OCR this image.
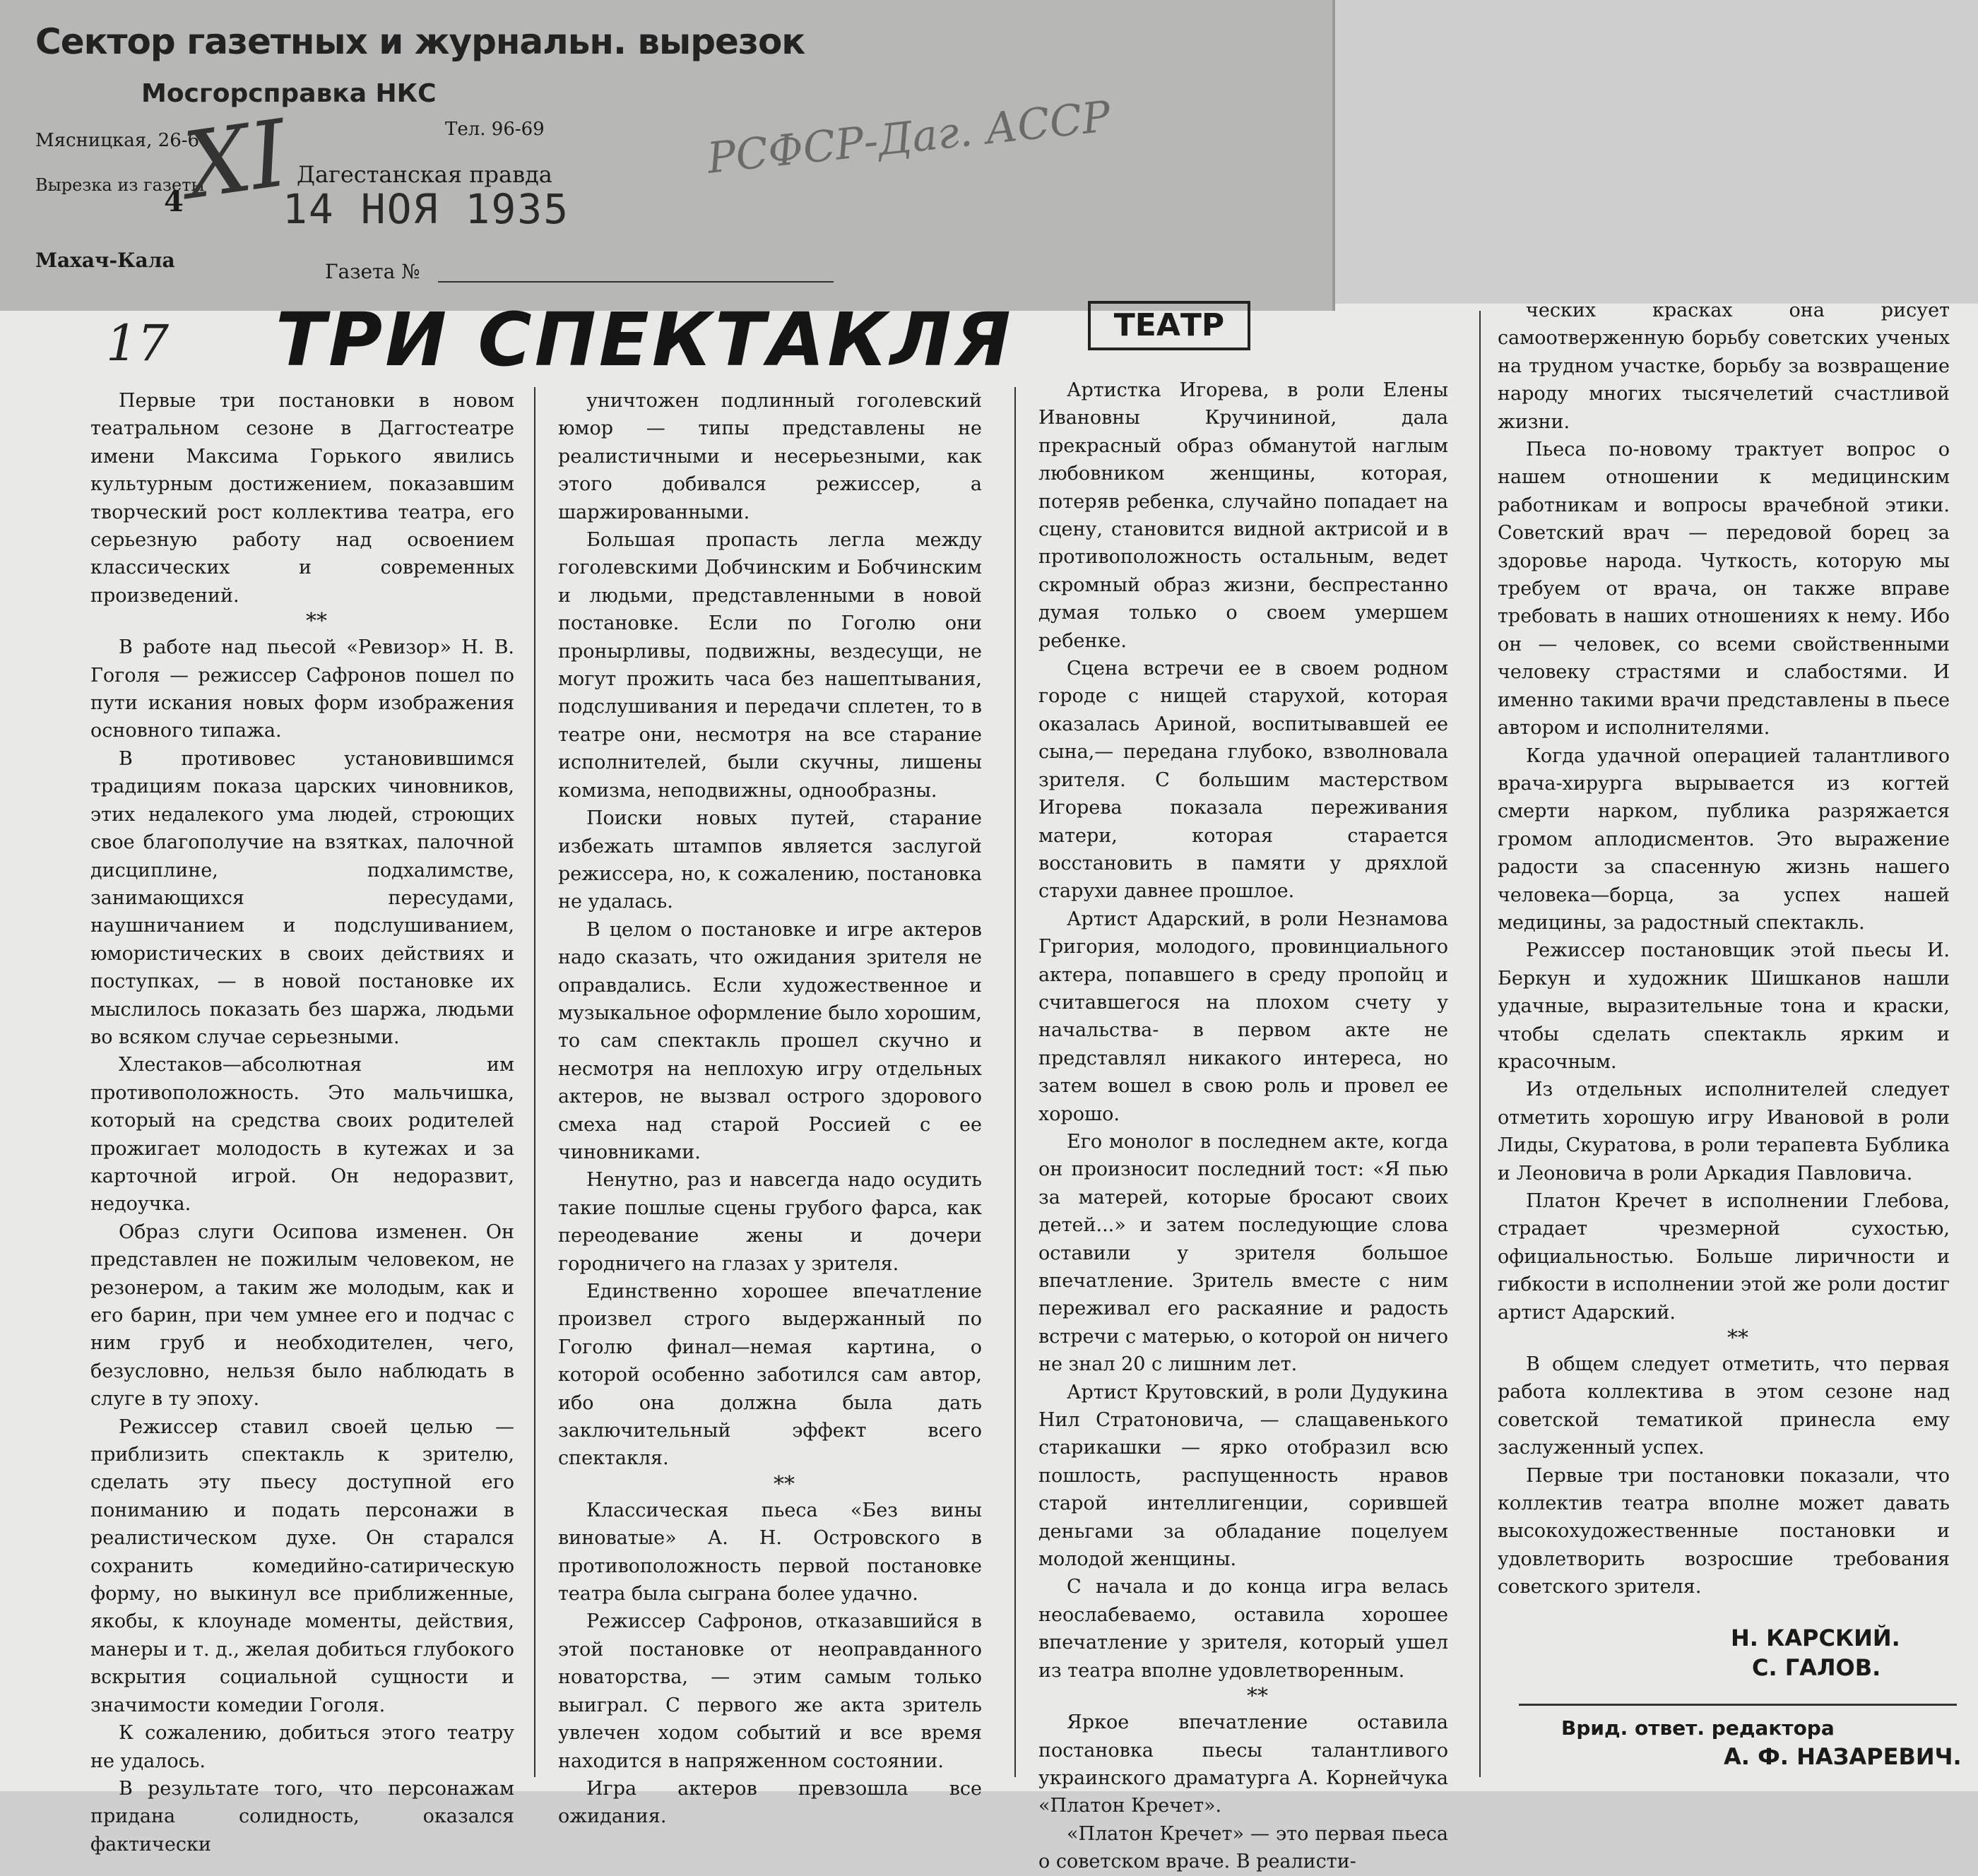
Сектор газетных и журнальн. вырезок
Мосгорсправка НКС
Мясницкая, 26-6
Тел. 96-69
Вырезка из газеты	Дагестанская правда
4 14 НОЯ 1935
Махач-Кала	Газета №
XI	РСФСР-Даг. АССР
17 ТРИ СПЕКТАКЛЯ	ТЕАТР

Первые три постановки в новом театральном сезоне в Даггостеатре имени Максима Горького явились культурным достижением, показавшим творческий рост коллектива театра, его серьезную работу над освоением классических и современных произведений.

**

В работе над пьесой «Ревизор» Н. В. Гоголя — режиссер Сафронов пошел по пути искания новых форм изображения основного типажа.

В противовес установившимся традициям показа царских чиновников, этих недалекого ума людей, строющих свое благополучие на взятках, палочной дисциплине, подхалимстве, занимающихся пересудами, наушничанием и подслушиванием, юмористических в своих действиях и поступках, — в новой постановке их мыслилось показать без шаржа, людьми во всяком случае серьезными.

Хлестаков—абсолютная им противоположность. Это мальчишка, который на средства своих родителей прожигает молодость в кутежах и за карточной игрой. Он недоразвит, недоучка.

Образ слуги Осипова изменен. Он представлен не пожилым человеком, не резонером, а таким же молодым, как и его барин, при чем умнее его и подчас с ним груб и необходителен, чего, безусловно, нельзя было наблюдать в слуге в ту эпоху.

Режиссер ставил своей целью — приблизить спектакль к зрителю, сделать эту пьесу доступной его пониманию и подать персонажи в реалистическом духе. Он старался сохранить комедийно-сатирическую форму, но выкинул все приближенные, якобы, к клоунаде моменты, действия, манеры и т. д., желая добиться глубокого вскрытия социальной сущности и значимости комедии Гоголя.

К сожалению, добиться этого театру не удалось.

В результате того, что персонажам придана солидность, оказался фактически

уничтожен подлинный гоголевский юмор — типы представлены не реалистичными и несерьезными, как этого добивался режиссер, а шаржированными.

Большая пропасть легла между гоголевскими Добчинским и Бобчинским и людьми, представленными в новой постановке. Если по Гоголю они пронырливы, подвижны, вездесущи, не могут прожить часа без нашептывания, подслушивания и передачи сплетен, то в театре они, несмотря на все старание исполнителей, были скучны, лишены комизма, неподвижны, однообразны.

Поиски новых путей, старание избежать штампов является заслугой режиссера, но, к сожалению, постановка не удалась.

В целом о постановке и игре актеров надо сказать, что ожидания зрителя не оправдались. Если художественное и музыкальное оформление было хорошим, то сам спектакль прошел скучно и несмотря на неплохую игру отдельных актеров, не вызвал острого здорового смеха над старой Россией с ее чиновниками.

Ненутно, раз и навсегда надо осудить такие пошлые сцены грубого фарса, как переодевание жены и дочери городничего на глазах у зрителя.

Единственно хорошее впечатление произвел строго выдержанный по Гоголю финал—немая картина, о которой особенно заботился сам автор, ибо она должна была дать заключительный эффект всего спектакля.

**

Классическая пьеса «Без вины виноватые» А. Н. Островского в противоположность первой постановке театра была сыграна более удачно.

Режиссер Сафронов, отказавшийся в этой постановке от неоправданного новаторства, — этим самым только выиграл. С первого же акта зритель увлечен ходом событий и все время находится в напряженном состоянии.

Игра актеров превзошла все ожидания.

Артистка Игорева, в роли Елены Ивановны Кручининой, дала прекрасный образ обманутой наглым любовником женщины, которая, потеряв ребенка, случайно попадает на сцену, становится видной актрисой и в противоположность остальным, ведет скромный образ жизни, беспрестанно думая только о своем умершем ребенке.

Сцена встречи ее в своем родном городе с нищей старухой, которая оказалась Ариной, воспитывавшей ее сына,— передана глубоко, взволновала зрителя. С большим мастерством Игорева показала переживания матери, которая старается восстановить в памяти у дряхлой старухи давнее прошлое.

Артист Адарский, в роли Незнамова Григория, молодого, провинциального актера, попавшего в среду пропойц и считавшегося на плохом счету у начальства- в первом акте не представлял никакого интереса, но затем вошел в свою роль и провел ее хорошо.

Его монолог в последнем акте, когда он произносит последний тост: «Я пью за матерей, которые бросают своих детей...» и затем последующие слова оставили у зрителя большое впечатление. Зритель вместе с ним переживал его раскаяние и радость встречи с матерью, о которой он ничего не знал 20 с лишним лет.

Артист Крутовский, в роли Дудукина Нил Стратоновича, — слащавенького старикашки — ярко отобразил всю пошлость, распущенность нравов старой интеллигенции, сорившей деньгами за обладание поцелуем молодой женщины.

С начала и до конца игра велась неослабеваемо, оставила хорошее впечатление у зрителя, который ушел из театра вполне удовлетворенным.

**

Яркое впечатление оставила постановка пьесы талантливого украинского драматурга А. Корнейчука «Платон Кречет».

«Платон Кречет» — это первая пьеса о советском враче. В реалисти-

ческих красках она рисует самоотверженную борьбу советских ученых на трудном участке, борьбу за возвращение народу многих тысячелетий счастливой жизни.

Пьеса по-новому трактует вопрос о нашем отношении к медицинским работникам и вопросы врачебной этики. Советский врач — передовой борец за здоровье народа. Чуткость, которую мы требуем от врача, он также вправе требовать в наших отношениях к нему. Ибо он — человек, со всеми свойственными человеку страстями и слабостями. И именно такими врачи представлены в пьесе автором и исполнителями.

Когда удачной операцией талантливого врача-хирурга вырывается из когтей смерти нарком, публика разряжается громом аплодисментов. Это выражение радости за спасенную жизнь нашего человека—борца, за успех нашей медицины, за радостный спектакль.

Режиссер постановщик этой пьесы И. Беркун и художник Шишканов нашли удачные, выразительные тона и краски, чтобы сделать спектакль ярким и красочным.

Из отдельных исполнителей следует отметить хорошую игру Ивановой в роли Лиды, Скуратова, в роли терапевта Бублика и Леоновича в роли Аркадия Павловича.

Платон Кречет в исполнении Глебова, страдает чрезмерной сухостью, официальностью. Больше лиричности и гибкости в исполнении этой же роли достиг артист Адарский.

**

В общем следует отметить, что первая работа коллектива в этом сезоне над советской тематикой принесла ему заслуженный успех.

Первые три постановки показали, что коллектив театра вполне может давать высокохудожественные постановки и удовлетворить возросшие требования советского зрителя.

Н. КАРСКИЙ.
С. ГАЛОВ.
Врид. ответ. редактора
А. Ф. НАЗАРЕВИЧ.
